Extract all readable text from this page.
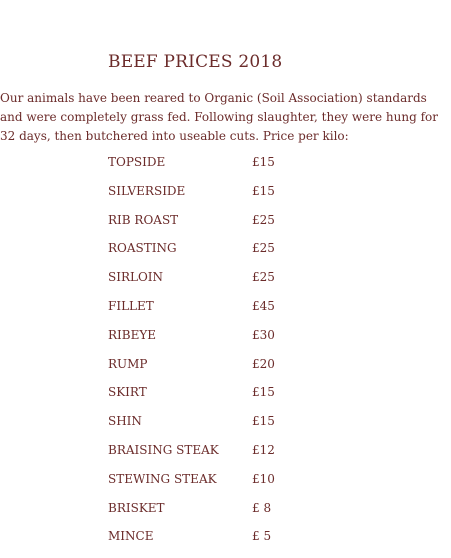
BEEF PRICES 2018
Our animals have been reared to Organic (Soil Association) standards and were completely grass fed. Following slaughter, they were hung for 32 days, then butchered into useable cuts. Price per kilo:
TOPSIDE	£15
SILVERSIDE	£15
RIB ROAST	£25
ROASTING	£25
SIRLOIN	£25
FILLET	£45
RIBEYE	£30
RUMP	£20
SKIRT	£15
SHIN	£15
BRAISING STEAK	£12
STEWING STEAK	£10
BRISKET	£ 8
MINCE	£ 5
